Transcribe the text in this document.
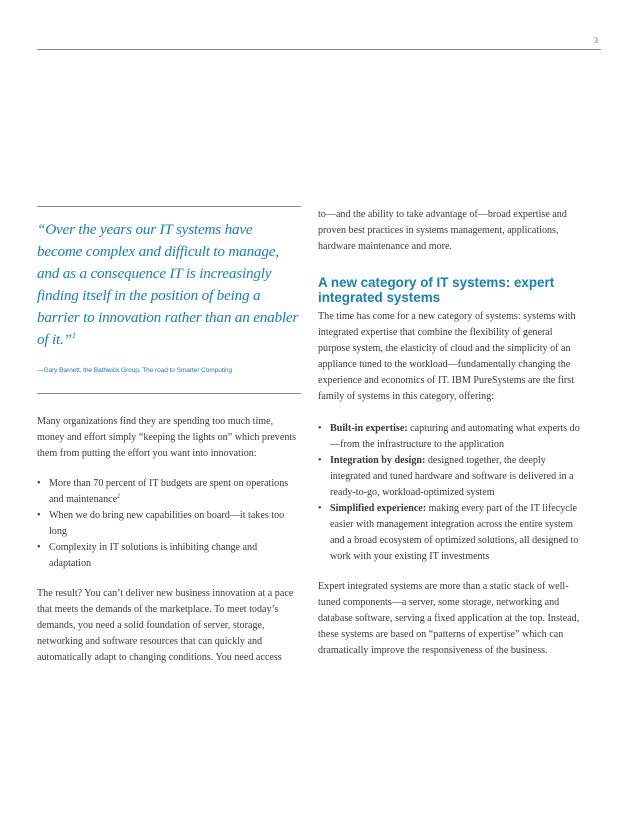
3

“Over the years our IT systems have become complex and difficult to manage, and as a consequence IT is increasingly finding itself in the position of being a barrier to innovation rather than an enabler of it.”$^1$

—Gary Barnett, the Bathwick Group, The road to Smarter Computing

Many organizations find they are spending too much time, money and effort simply “keeping the lights on” which prevents them from putting the effort you want into innovation:

• More than 70 percent of IT budgets are spent on operations and maintenance$^2$
• When we do bring new capabilities on board—it takes too long
• Complexity in IT solutions is inhibiting change and adaptation

The result? You can’t deliver new business innovation at a pace that meets the demands of the marketplace. To meet today’s demands, you need a solid foundation of server, storage, networking and software resources that can quickly and automatically adapt to changing conditions. You need access

to—and the ability to take advantage of—broad expertise and proven best practices in systems management, applications, hardware maintenance and more.

A new category of IT systems: expert integrated systems

The time has come for a new category of systems: systems with integrated expertise that combine the flexibility of general purpose system, the elasticity of cloud and the simplicity of an appliance tuned to the workload—fundamentally changing the experience and economics of IT. IBM PureSystems are the first family of systems in this category, offering:

• Built-in expertise: capturing and automating what experts do—from the infrastructure to the application
• Integration by design: designed together, the deeply integrated and tuned hardware and software is delivered in a ready-to-go, workload-optimized system
• Simplified experience: making every part of the IT lifecycle easier with management integration across the entire system and a broad ecosystem of optimized solutions, all designed to work with your existing IT investments

Expert integrated systems are more than a static stack of well-tuned components—a server, some storage, networking and database software, serving a fixed application at the top. Instead, these systems are based on “patterns of expertise” which can dramatically improve the responsiveness of the business.
